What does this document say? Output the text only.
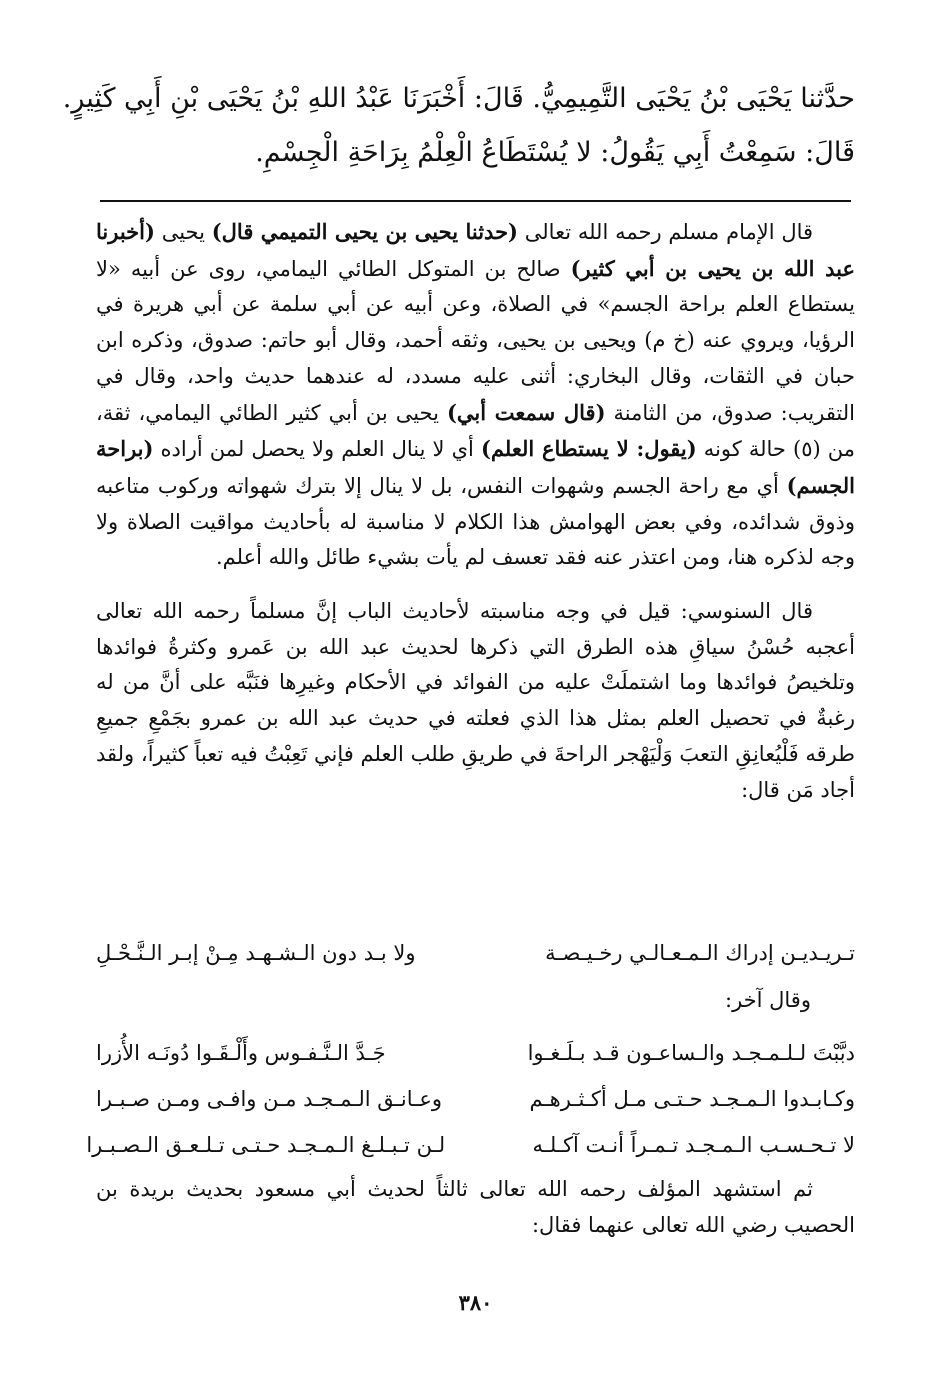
حدَّثنا يَحْيَى بْنُ يَحْيَى التَّمِيمِيُّ. قَالَ: أَخْبَرَنَا عَبْدُ اللهِ بْنُ يَحْيَى بْنِ أَبِي كَثِيرٍ.
قَالَ: سَمِعْتُ أَبِي يَقُولُ: لا يُسْتَطَاعُ الْعِلْمُ بِرَاحَةِ الْجِسْمِ.

قال الإمام مسلم رحمه الله تعالى (حدثنا يحيى بن يحيى التميمي قال) يحيى (أخبرنا عبد الله بن يحيى بن أبي كثير) صالح بن المتوكل الطائي اليمامي، روى عن أبيه «لا يستطاع العلم براحة الجسم» في الصلاة، وعن أبيه عن أبي سلمة عن أبي هريرة في الرؤيا، ويروي عنه (خ م) ويحيى بن يحيى، وثقه أحمد، وقال أبو حاتم: صدوق، وذكره ابن حبان في الثقات، وقال البخاري: أثنى عليه مسدد، له عندهما حديث واحد، وقال في التقريب: صدوق، من الثامنة (قال سمعت أبي) يحيى بن أبي كثير الطائي اليمامي، ثقة، من (٥) حالة كونه (يقول: لا يستطاع العلم) أي لا ينال العلم ولا يحصل لمن أراده (براحة الجسم) أي مع راحة الجسم وشهوات النفس، بل لا ينال إلا بترك شهواته وركوب متاعبه وذوق شدائده، وفي بعض الهوامش هذا الكلام لا مناسبة له بأحاديث مواقيت الصلاة ولا وجه لذكره هنا، ومن اعتذر عنه فقد تعسف لم يأت بشيء طائل والله أعلم.

قال السنوسي: قيل في وجه مناسبته لأحاديث الباب إنَّ مسلماً رحمه الله تعالى أعجبه حُسْنُ سياقِ هذه الطرق التي ذكرها لحديث عبد الله بن عَمرو وكثرةُ فوائدها وتلخيصُ فوائدها وما اشتملَتْ عليه من الفوائد في الأحكام وغيرِها فنَبَّه على أنَّ من له رغبةٌ في تحصيل العلم بمثل هذا الذي فعلته في حديث عبد الله بن عمرو بجَمْعِ جميعِ طرقه فَلْيُعانِقِ التعبَ وَلْيَهْجر الراحةَ في طريقِ طلب العلم فإني تَعِبْتُ فيه تعباً كثيراً، ولقد أجاد مَن قال:

تـريـديـن إدراك الـمـعـالـي رخـيـصـة
ولا بـد دون الـشـهـد مِـنْ إبـر الـنَّـحْـلِ
وقال آخر:
دبَّبْتَ لـلـمـجـد والـساعـون قـد بـلَـغـوا
جَـدَّ الـنَّـفـوس وأَلْـقَـوا دُونَـه الأُزرا
وكـابـدوا الـمـجـد حـتـى مـل أكـثـرهـم
وعـانـق الـمـجـد مـن وافـى ومـن صـبـرا
لا تـحـسـب الـمـجـد تـمـراً أنـت آكـلـه
لـن تـبـلـغ الـمـجـد حـتـى تـلـعـق الـصـبـرا

ثم استشهد المؤلف رحمه الله تعالى ثالثاً لحديث أبي مسعود بحديث بريدة بن الحصيب رضي الله تعالى عنهما فقال:

٣٨٠
